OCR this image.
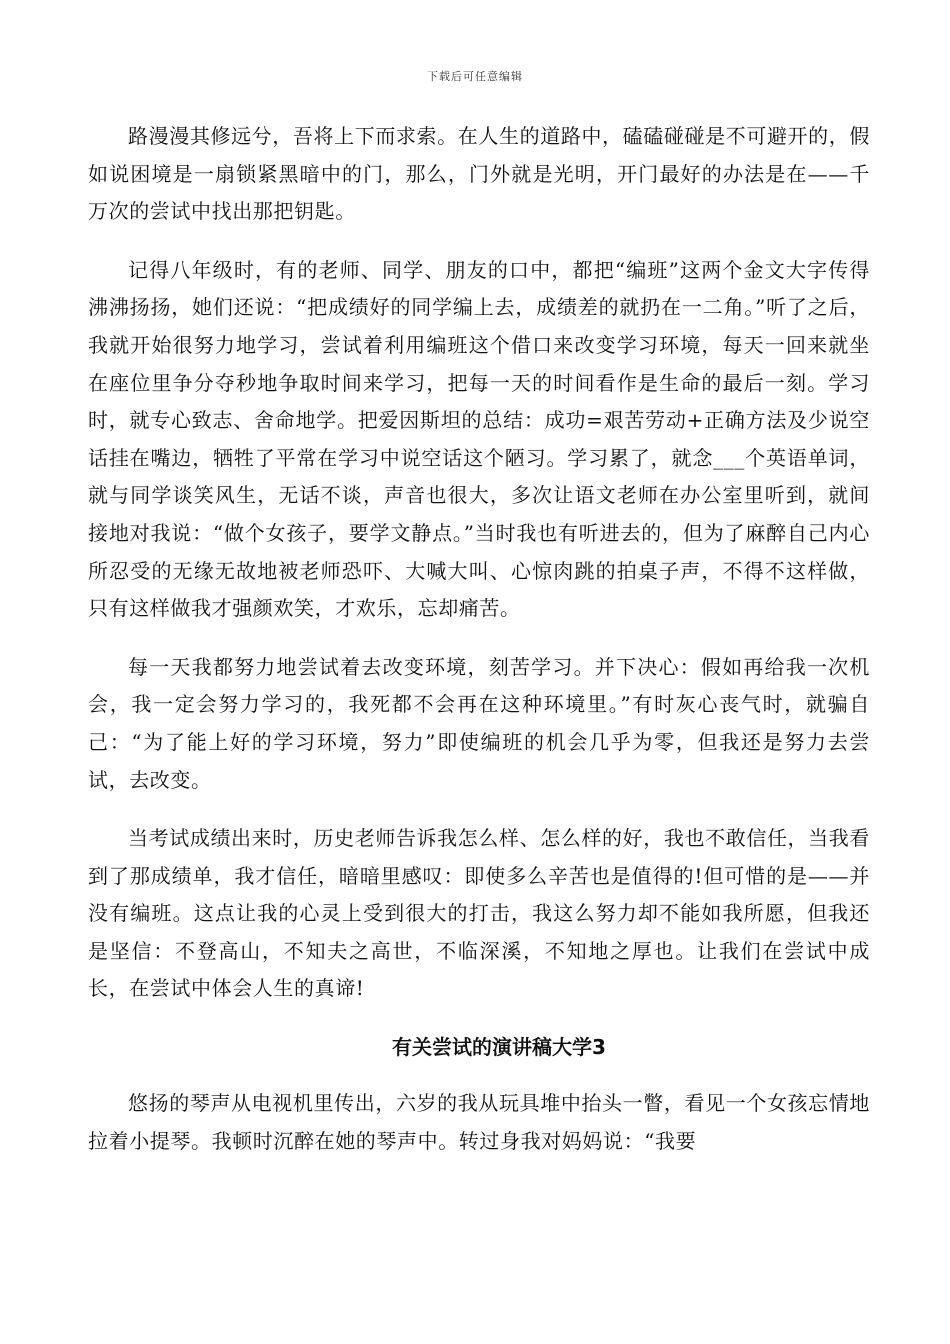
下载后可任意编辑

路漫漫其修远兮，吾将上下而求索。在人生的道路中，磕磕碰碰是不可避开的，假如说困境是一扇锁紧黑暗中的门，那么，门外就是光明，开门最好的办法是在——千万次的尝试中找出那把钥匙。

记得八年级时，有的老师、同学、朋友的口中，都把“编班”这两个金文大字传得沸沸扬扬，她们还说：“把成绩好的同学编上去，成绩差的就扔在一二角。”听了之后，我就开始很努力地学习，尝试着利用编班这个借口来改变学习环境，每天一回来就坐在座位里争分夺秒地争取时间来学习，把每一天的时间看作是生命的最后一刻。学习时，就专心致志、舍命地学。把爱因斯坦的总结：成功=艰苦劳动+正确方法及少说空话挂在嘴边，牺牲了平常在学习中说空话这个陋习。学习累了，就念___个英语单词，就与同学谈笑风生，无话不谈，声音也很大，多次让语文老师在办公室里听到，就间接地对我说：“做个女孩子，要学文静点。”当时我也有听进去的，但为了麻醉自己内心所忍受的无缘无故地被老师恐吓、大喊大叫、心惊肉跳的拍桌子声，不得不这样做，只有这样做我才强颜欢笑，才欢乐，忘却痛苦。

每一天我都努力地尝试着去改变环境，刻苦学习。并下决心：假如再给我一次机会，我一定会努力学习的，我死都不会再在这种环境里。”有时灰心丧气时，就骗自己：“为了能上好的学习环境，努力”即使编班的机会几乎为零，但我还是努力去尝试，去改变。

当考试成绩出来时，历史老师告诉我怎么样、怎么样的好，我也不敢信任，当我看到了那成绩单，我才信任，暗暗里感叹：即使多么辛苦也是值得的!但可惜的是——并没有编班。这点让我的心灵上受到很大的打击，我这么努力却不能如我所愿，但我还是坚信：不登高山，不知夫之高世，不临深溪，不知地之厚也。让我们在尝试中成长，在尝试中体会人生的真谛!

有关尝试的演讲稿大学3

悠扬的琴声从电视机里传出，六岁的我从玩具堆中抬头一瞥，看见一个女孩忘情地拉着小提琴。我顿时沉醉在她的琴声中。转过身我对妈妈说：“我要
